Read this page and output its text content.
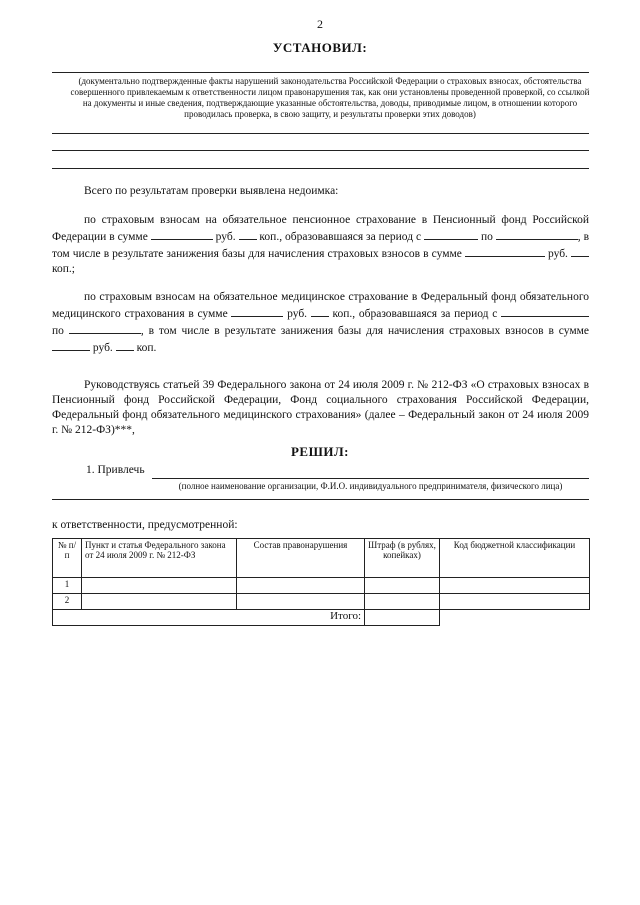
2
УСТАНОВИЛ:
(документально подтвержденные факты нарушений законодательства Российской Федерации о страховых взносах, обстоятельства совершенного привлекаемым к ответственности лицом правонарушения так, как они установлены проведенной проверкой, со ссылкой на документы и иные сведения, подтверждающие указанные обстоятельства, доводы, приводимые лицом, в отношении которого проводилась проверка, в свою защиту, и результаты проверки этих доводов)

Всего по результатам проверки выявлена недоимка:

по страховым взносам на обязательное пенсионное страхование в Пенсионный фонд Российской Федерации в сумме	руб. коп., образовавшаяся за период с	по	, в том числе в результате занижения базы для начисления страховых взносов в сумме	руб.  коп.;

по страховым взносам на обязательное медицинское страхование в Федеральный фонд обязательного медицинского страхования в сумме	руб. коп., образовавшаяся за период с  по	, в том числе в результате занижения базы для начисления страховых взносов в сумме  руб. коп.

Руководствуясь статьей 39 Федерального закона от 24 июля 2009 г. № 212-ФЗ «О страховых взносах в Пенсионный фонд Российской Федерации, Фонд социального страхования Российской Федерации, Федеральный фонд обязательного медицинского страхования» (далее – Федеральный закон от 24 июля 2009 г. № 212-ФЗ)***,

РЕШИЛ:
1. Привлечь
(полное наименование организации, Ф.И.О. индивидуального предпринимателя, физического лица)
к ответственности, предусмотренной:
№ п/п	Пункт и статья Федерального закона от 24 июля 2009 г. № 212-ФЗ	Состав правонарушения	Штраф (в рублях, копейках)	Код бюджетной классификации
1				
2				
Итого:				
